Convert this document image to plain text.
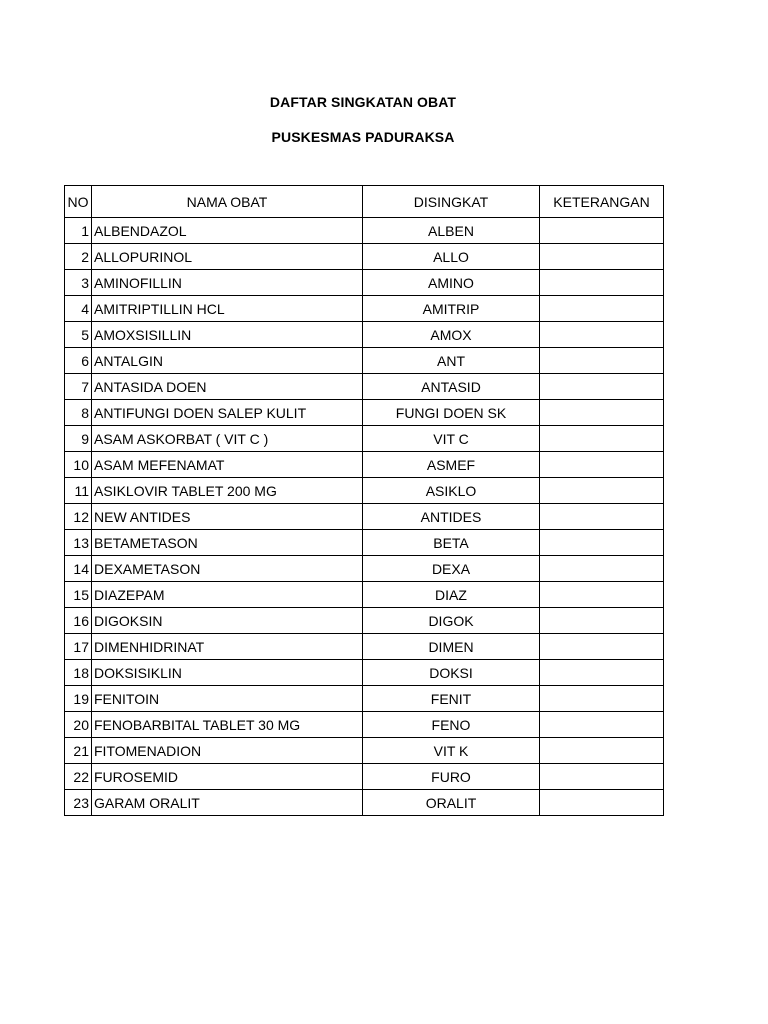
DAFTAR SINGKATAN OBAT
PUSKESMAS PADURAKSA
NO	NAMA OBAT	DISINGKAT	KETERANGAN
1	ALBENDAZOL	ALBEN	
2	ALLOPURINOL	ALLO	
3	AMINOFILLIN	AMINO	
4	AMITRIPTILLIN HCL	AMITRIP	
5	AMOXSISILLIN	AMOX	
6	ANTALGIN	ANT	
7	ANTASIDA DOEN	ANTASID	
8	ANTIFUNGI DOEN SALEP KULIT	FUNGI DOEN SK	
9	ASAM ASKORBAT ( VIT C )	VIT C	
10	ASAM MEFENAMAT	ASMEF	
11	ASIKLOVIR TABLET 200 MG	ASIKLO	
12	NEW ANTIDES	ANTIDES	
13	BETAMETASON	BETA	
14	DEXAMETASON	DEXA	
15	DIAZEPAM	DIAZ	
16	DIGOKSIN	DIGOK	
17	DIMENHIDRINAT	DIMEN	
18	DOKSISIKLIN	DOKSI	
19	FENITOIN	FENIT	
20	FENOBARBITAL TABLET 30 MG	FENO	
21	FITOMENADION	VIT K	
22	FUROSEMID	FURO	
23	GARAM ORALIT	ORALIT	
